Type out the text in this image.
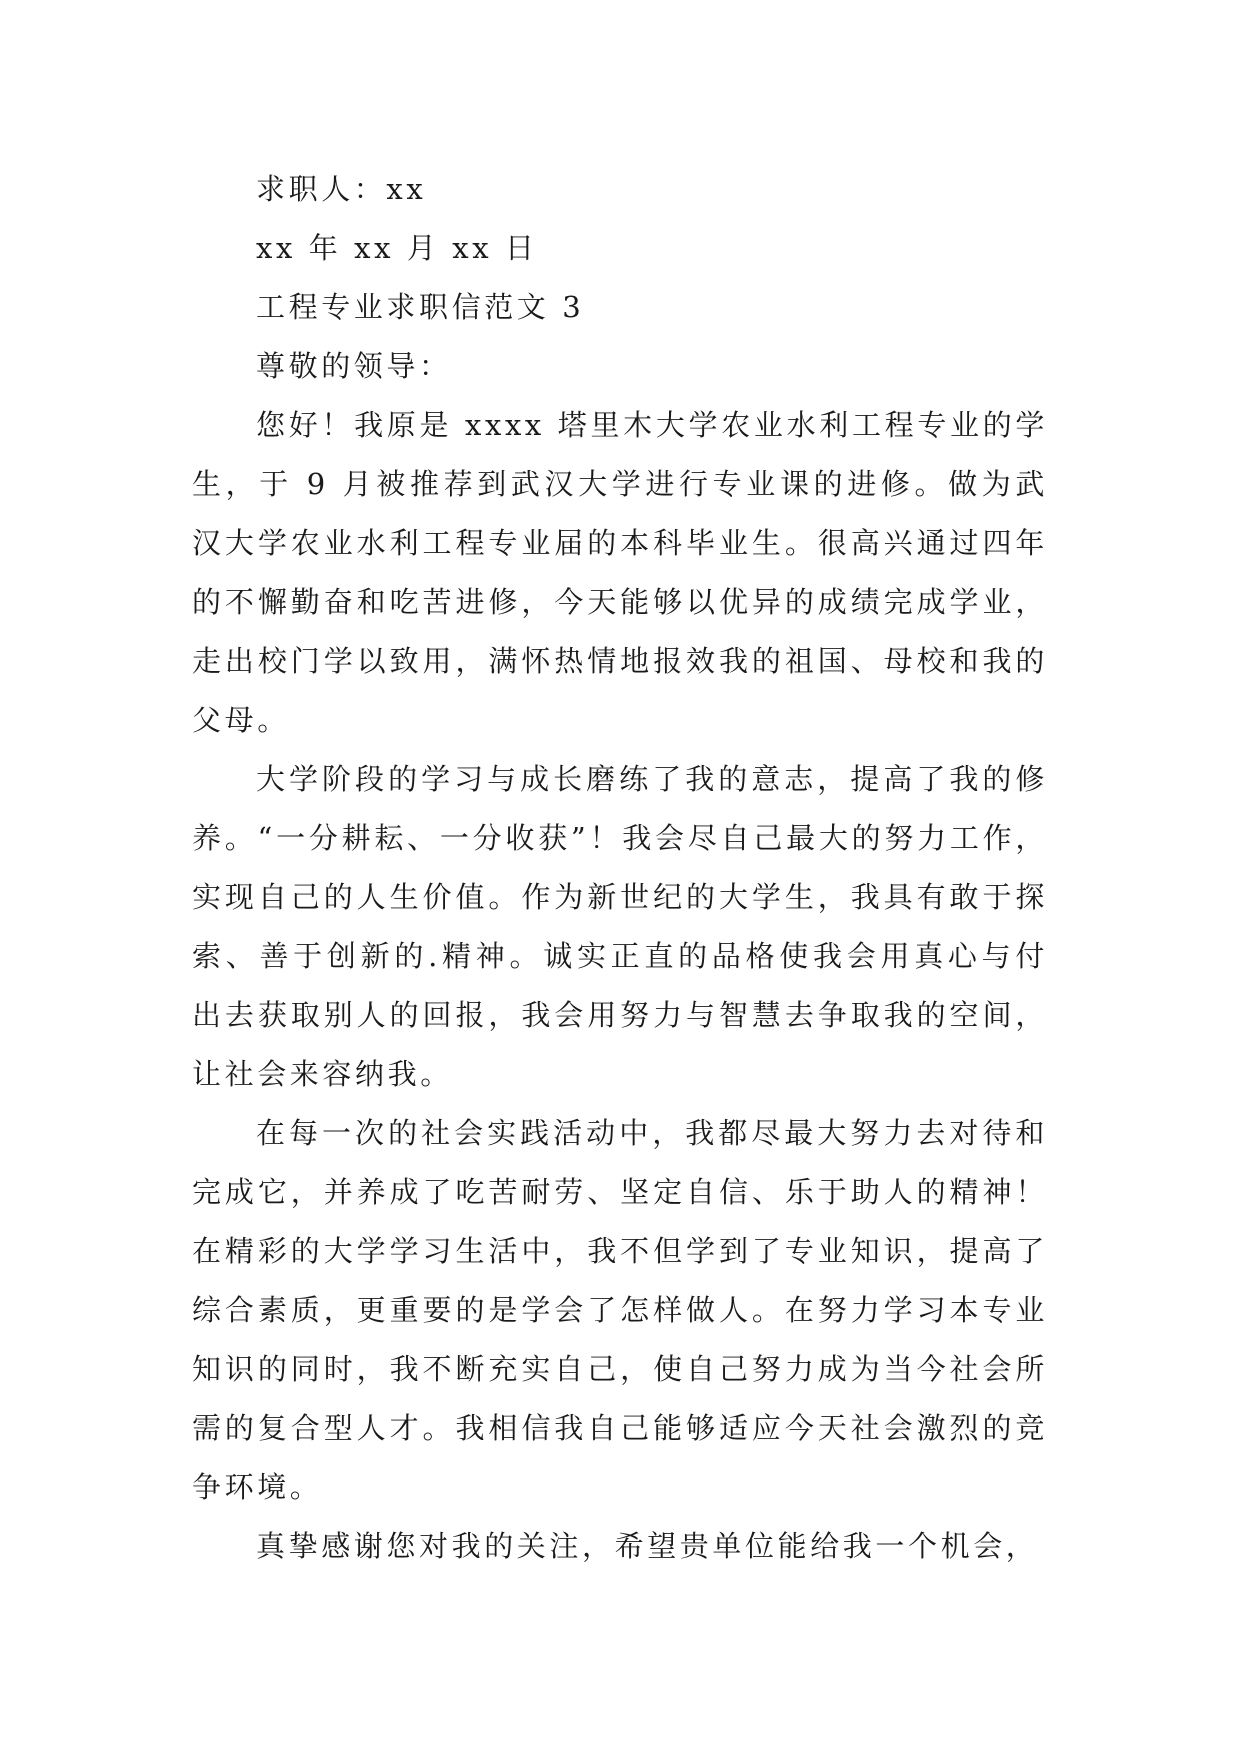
求职人：xx

xx 年 xx 月 xx 日

工程专业求职信范文 3

尊敬的领导：

您好！我原是 xxxx 塔里木大学农业水利工程专业的学生，于 9 月被推荐到武汉大学进行专业课的进修。做为武汉大学农业水利工程专业届的本科毕业生。很高兴通过四年的不懈勤奋和吃苦进修，今天能够以优异的成绩完成学业，走出校门学以致用，满怀热情地报效我的祖国、母校和我的父母。

大学阶段的学习与成长磨练了我的意志，提高了我的修养。“一分耕耘、一分收获”！我会尽自己最大的努力工作，实现自己的人生价值。作为新世纪的大学生，我具有敢于探索、善于创新的.精神。诚实正直的品格使我会用真心与付出去获取别人的回报，我会用努力与智慧去争取我的空间，让社会来容纳我。

在每一次的社会实践活动中，我都尽最大努力去对待和完成它，并养成了吃苦耐劳、坚定自信、乐于助人的精神！在精彩的大学学习生活中，我不但学到了专业知识，提高了综合素质，更重要的是学会了怎样做人。在努力学习本专业知识的同时，我不断充实自己，使自己努力成为当今社会所需的复合型人才。我相信我自己能够适应今天社会激烈的竞争环境。

真挚感谢您对我的关注，希望贵单位能给我一个机会，
